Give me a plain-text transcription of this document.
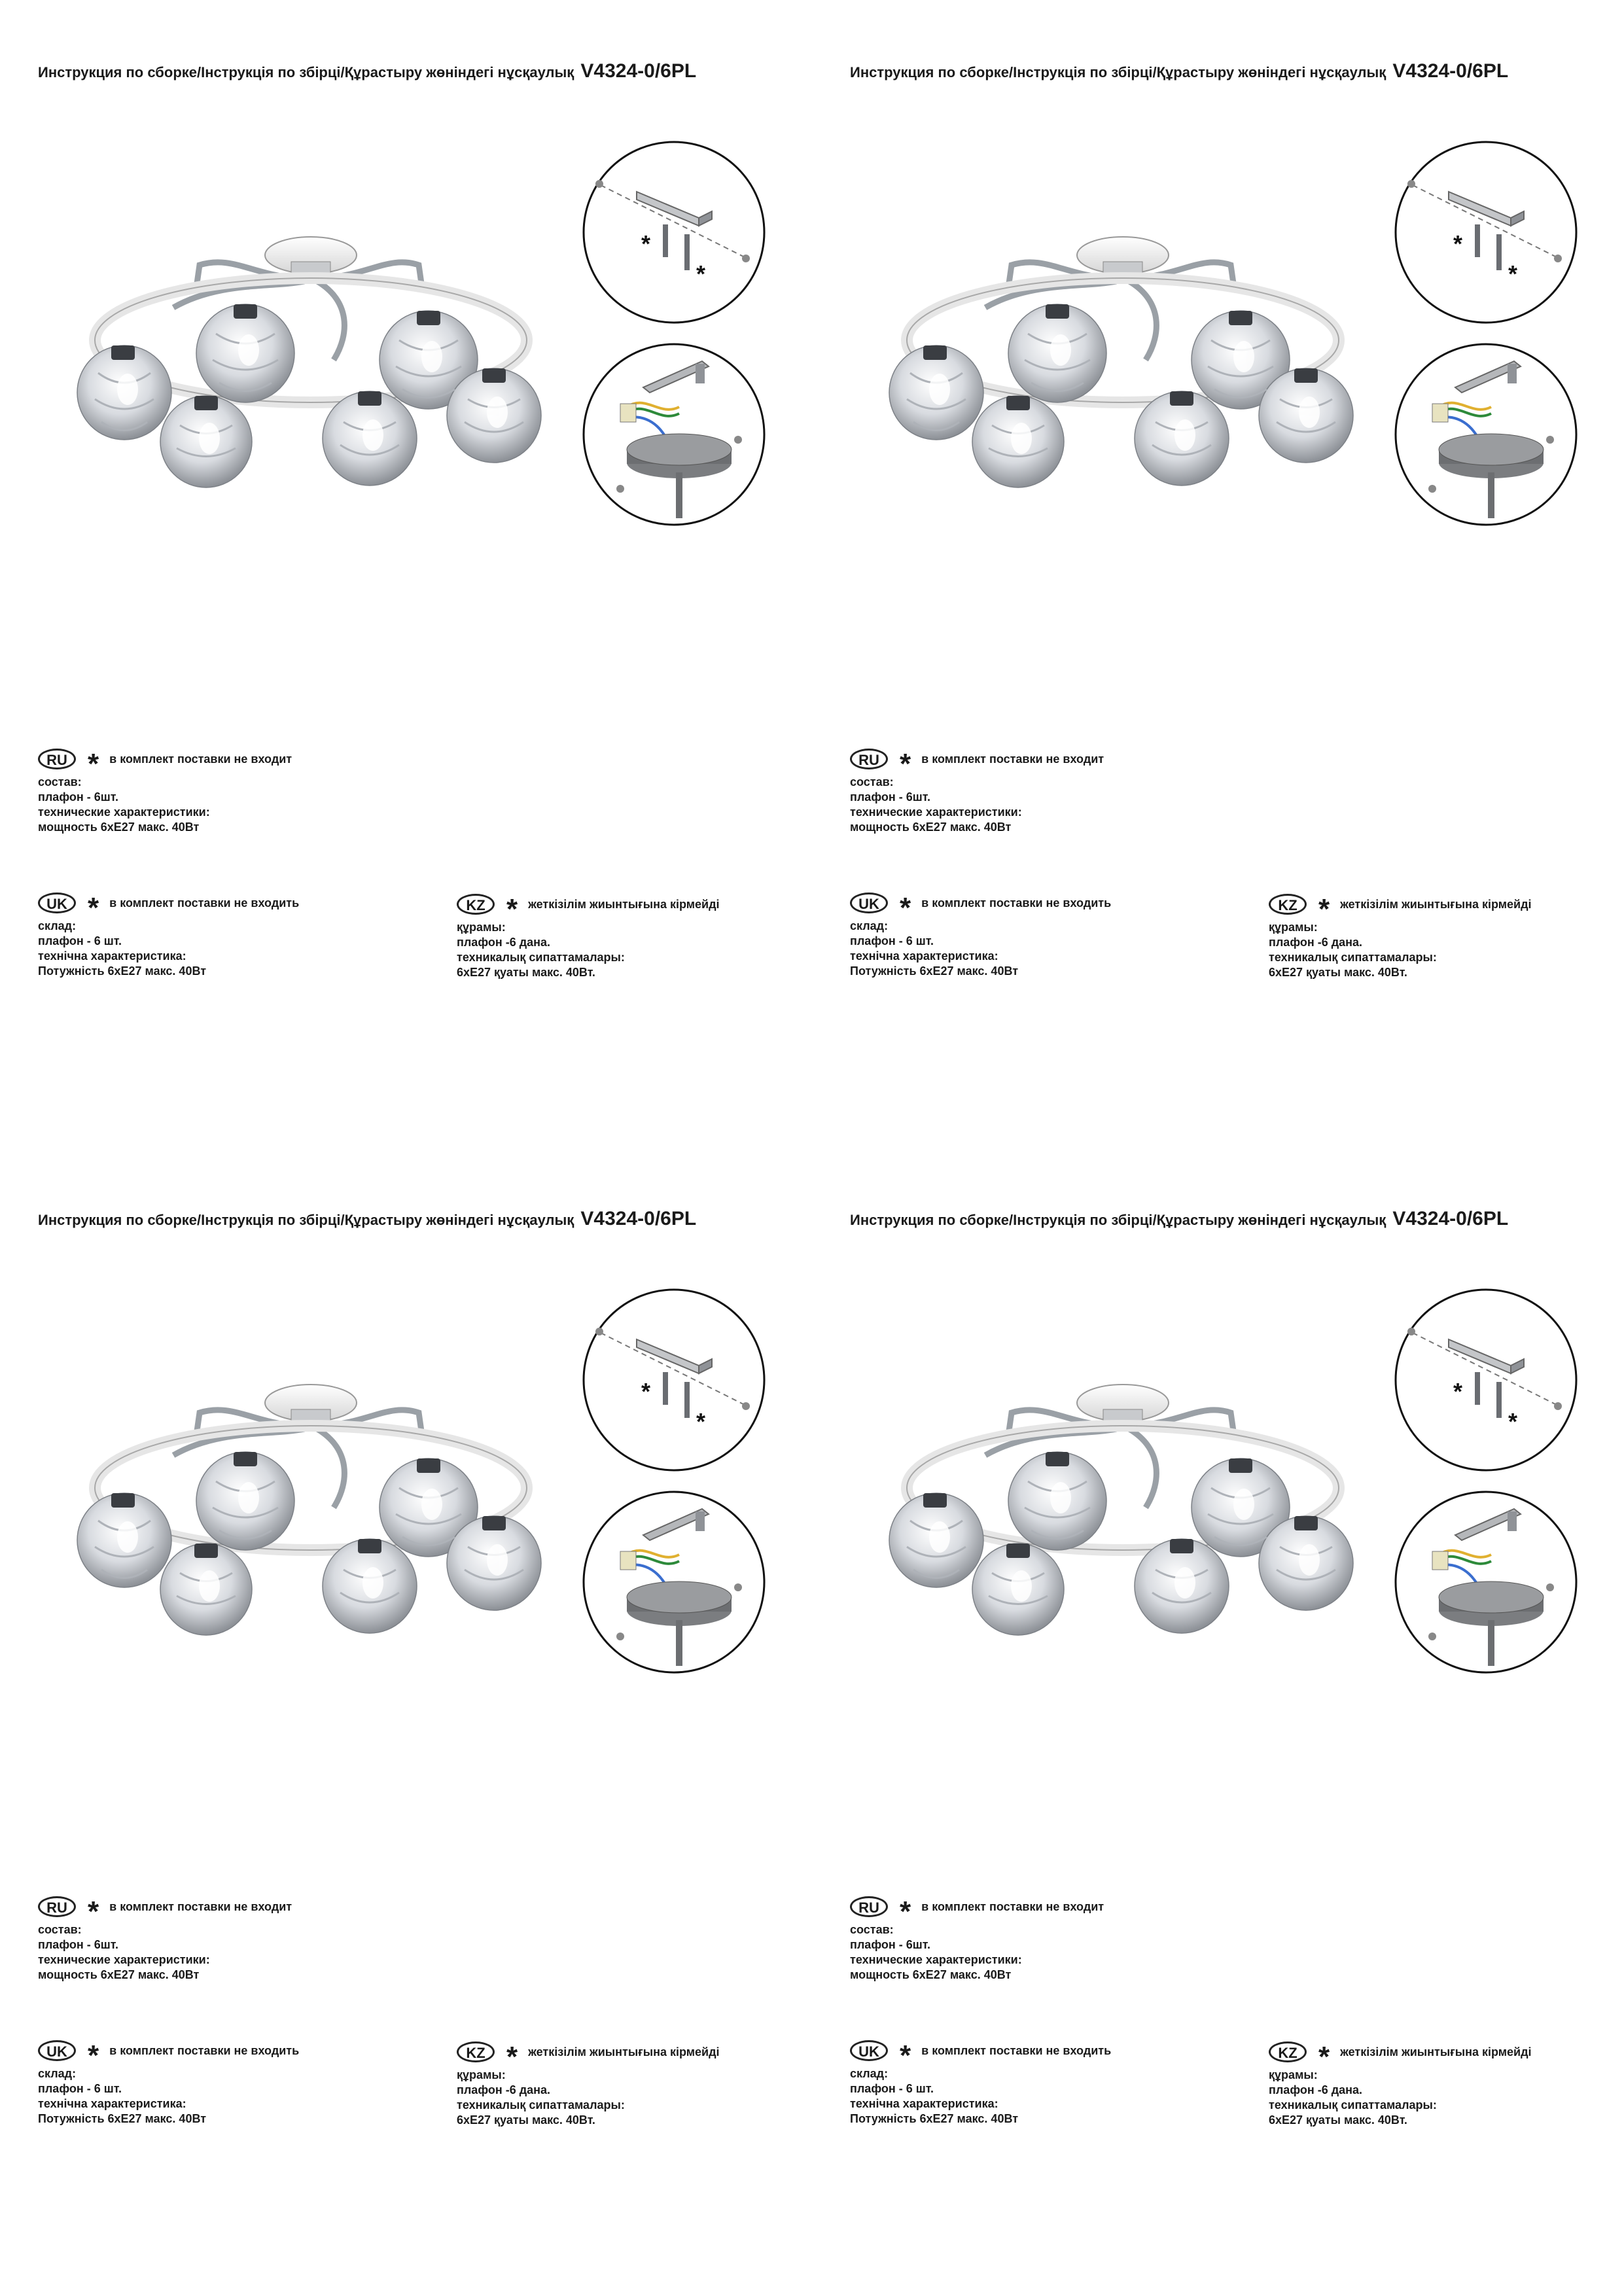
Инструкция по сборке/Інструкція по збірці/Құрастыру жөніндегі нұсқаулық V4324-0/6PL
*
*
RU * в комплект поставки не входит
состав:
плафон - 6шт.
технические характеристики:
мощность 6хЕ27 макс. 40Вт
UK * в комплект поставки не входить
склад:
плафон - 6 шт.
технічна характеристика:
Потужність 6хЕ27 макс. 40Вт
KZ * жеткізілім жиынтығына кірмейді
құрамы:
плафон -6 дана.
техникалық сипаттамалары:
6хЕ27 қуаты макс. 40Вт.
Инструкция по сборке/Інструкція по збірці/Құрастыру жөніндегі нұсқаулық V4324-0/6PL
*
*
RU * в комплект поставки не входит
состав:
плафон - 6шт.
технические характеристики:
мощность 6хЕ27 макс. 40Вт
UK * в комплект поставки не входить
склад:
плафон - 6 шт.
технічна характеристика:
Потужність 6хЕ27 макс. 40Вт
KZ * жеткізілім жиынтығына кірмейді
құрамы:
плафон -6 дана.
техникалық сипаттамалары:
6хЕ27 қуаты макс. 40Вт.
Инструкция по сборке/Інструкція по збірці/Құрастыру жөніндегі нұсқаулық V4324-0/6PL
*
*
RU * в комплект поставки не входит
состав:
плафон - 6шт.
технические характеристики:
мощность 6хЕ27 макс. 40Вт
UK * в комплект поставки не входить
склад:
плафон - 6 шт.
технічна характеристика:
Потужність 6хЕ27 макс. 40Вт
KZ * жеткізілім жиынтығына кірмейді
құрамы:
плафон -6 дана.
техникалық сипаттамалары:
6хЕ27 қуаты макс. 40Вт.
Инструкция по сборке/Інструкція по збірці/Құрастыру жөніндегі нұсқаулық V4324-0/6PL
*
*
RU * в комплект поставки не входит
состав:
плафон - 6шт.
технические характеристики:
мощность 6хЕ27 макс. 40Вт
UK * в комплект поставки не входить
склад:
плафон - 6 шт.
технічна характеристика:
Потужність 6хЕ27 макс. 40Вт
KZ * жеткізілім жиынтығына кірмейді
құрамы:
плафон -6 дана.
техникалық сипаттамалары:
6хЕ27 қуаты макс. 40Вт.
